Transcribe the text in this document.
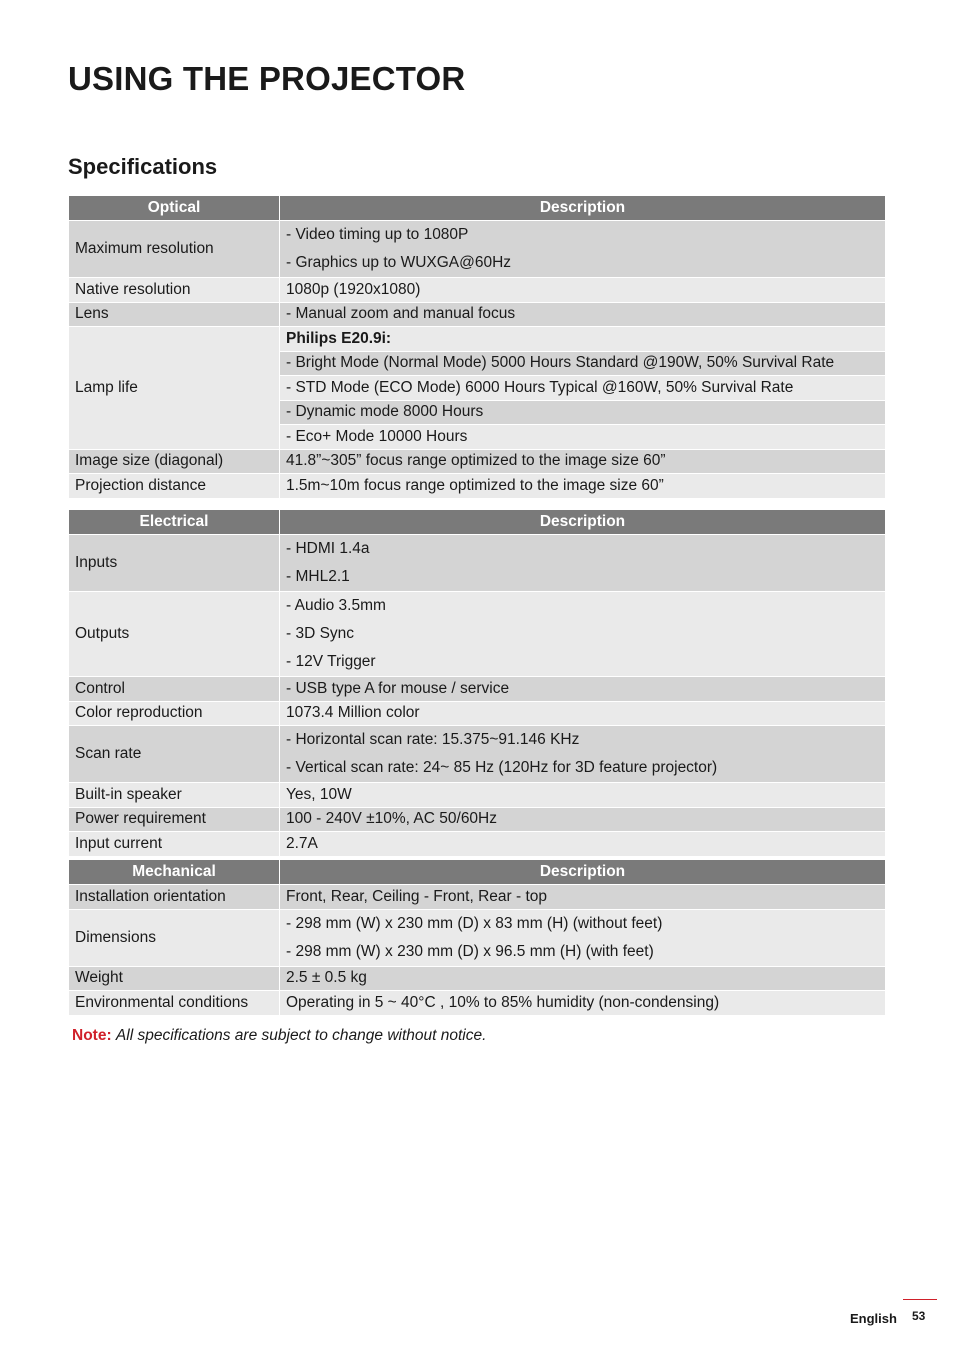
USING THE PROJECTOR
Specifications
Optical	Description
Maximum resolution	- Video timing up to 1080P
- Graphics up to WUXGA@60Hz

Native resolution	1080p (1920x1080)
Lens	- Manual zoom and manual focus
Lamp life	Philips E20.9i:
	- Bright Mode (Normal Mode) 5000 Hours Standard @190W, 50% Survival Rate
	- STD Mode (ECO Mode) 6000 Hours Typical @160W, 50% Survival Rate
	- Dynamic mode 8000 Hours
	- Eco+ Mode 10000 Hours
Image size (diagonal)	41.8”~305” focus range optimized to the image size 60”
Projection distance	1.5m~10m focus range optimized to the image size 60”
Electrical	Description
Inputs	- HDMI 1.4a
- MHL2.1

Outputs	- Audio 3.5mm
- 3D Sync
- 12V Trigger

Control	- USB type A for mouse / service
Color reproduction	1073.4 Million color
Scan rate	- Horizontal scan rate: 15.375~91.146 KHz
- Vertical scan rate: 24~ 85 Hz (120Hz for 3D feature projector)

Built-in speaker	Yes, 10W
Power requirement	100 - 240V ±10%, AC 50/60Hz
Input current	2.7A
Mechanical	Description
Installation orientation	Front, Rear, Ceiling - Front, Rear - top
Dimensions	- 298 mm (W) x 230 mm (D) x 83 mm (H) (without feet)
- 298 mm (W) x 230 mm (D) x 96.5 mm (H) (with feet)

Weight	2.5 ± 0.5 kg
Environmental conditions	Operating in 5 ~ 40°C , 10% to 85% humidity (non-condensing)
Note: All specifications are subject to change without notice.
English 53
